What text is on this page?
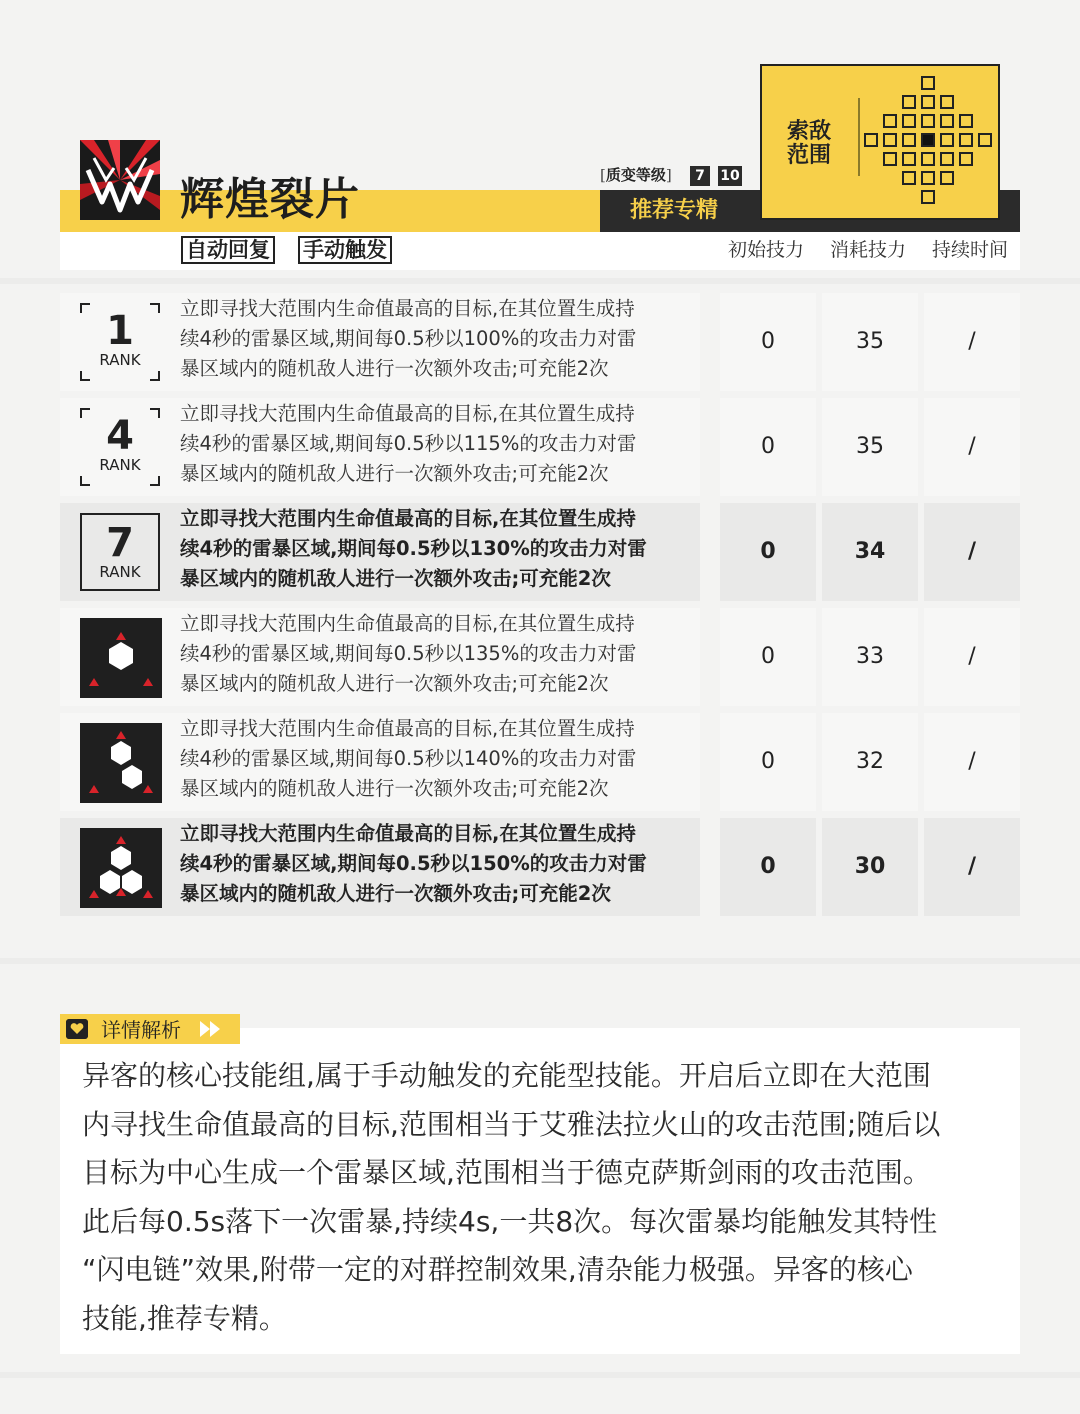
辉煌裂片	[质变等级]	7	10
推荐专精
索敌
范围
自动回复 手动触发	初始技力 消耗技力 持续时间
1
RANK
立即寻找大范围内生命值最高的目标,在其位置生成持
续4秒的雷暴区域,期间每0.5秒以100%的攻击力对雷
暴区域内的随机敌人进行一次额外攻击;可充能2次
0	35	/
4
RANK
立即寻找大范围内生命值最高的目标,在其位置生成持
续4秒的雷暴区域,期间每0.5秒以115%的攻击力对雷
暴区域内的随机敌人进行一次额外攻击;可充能2次
0	35	/
7
RANK
立即寻找大范围内生命值最高的目标,在其位置生成持
续4秒的雷暴区域,期间每0.5秒以130%的攻击力对雷
暴区域内的随机敌人进行一次额外攻击;可充能2次
0	34	/
立即寻找大范围内生命值最高的目标,在其位置生成持
续4秒的雷暴区域,期间每0.5秒以135%的攻击力对雷
暴区域内的随机敌人进行一次额外攻击;可充能2次
0	33	/
立即寻找大范围内生命值最高的目标,在其位置生成持
续4秒的雷暴区域,期间每0.5秒以140%的攻击力对雷
暴区域内的随机敌人进行一次额外攻击;可充能2次
0	32	/
立即寻找大范围内生命值最高的目标,在其位置生成持
续4秒的雷暴区域,期间每0.5秒以150%的攻击力对雷
暴区域内的随机敌人进行一次额外攻击;可充能2次
0	30	/
详情解析

异客的核心技能组,属于手动触发的充能型技能。开启后立即在大范围

内寻找生命值最高的目标,范围相当于艾雅法拉火山的攻击范围;随后以

目标为中心生成一个雷暴区域,范围相当于德克萨斯剑雨的攻击范围。

此后每0.5s落下一次雷暴,持续4s,一共8次。每次雷暴均能触发其特性

“闪电链”效果,附带一定的对群控制效果,清杂能力极强。异客的核心

技能,推荐专精。
